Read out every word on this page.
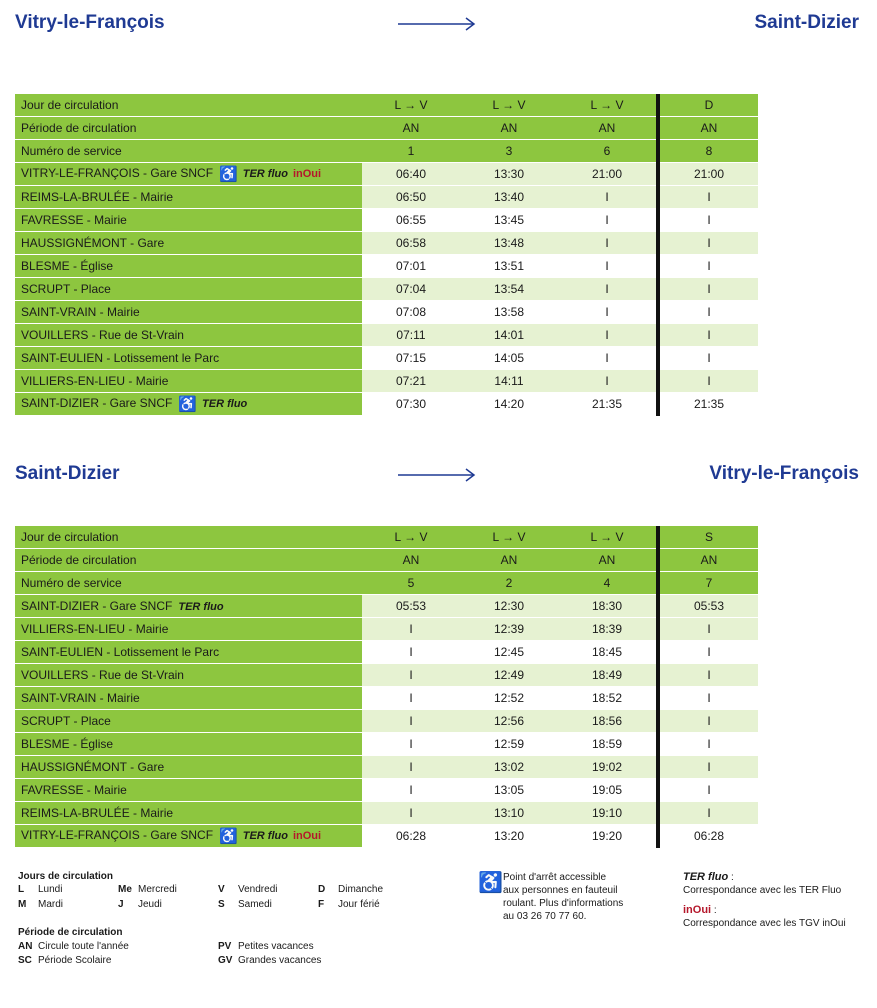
Vitry-le-François	Saint-Dizier
Jour de circulation	L → V	L → V	L → V	D
Période de circulation	AN	AN	AN	AN
Numéro de service	1	3	6	8
VITRY-LE-FRANÇOIS - Gare SNCF ♿ TER fluo inOui	06:40	13:30	21:00	21:00
REIMS-LA-BRULÉE - Mairie	06:50	13:40	I	I
FAVRESSE - Mairie	06:55	13:45	I	I
HAUSSIGNÉMONT - Gare	06:58	13:48	I	I
BLESME - Église	07:01	13:51	I	I
SCRUPT - Place	07:04	13:54	I	I
SAINT-VRAIN - Mairie	07:08	13:58	I	I
VOUILLERS - Rue de St-Vrain	07:11	14:01	I	I
SAINT-EULIEN - Lotissement le Parc	07:15	14:05	I	I
VILLIERS-EN-LIEU - Mairie	07:21	14:11	I	I
SAINT-DIZIER - Gare SNCF ♿ TER fluo	07:30	14:20	21:35	21:35
Saint-Dizier	Vitry-le-François
Jour de circulation	L → V	L → V	L → V	S
Période de circulation	AN	AN	AN	AN
Numéro de service	5	2	4	7
SAINT-DIZIER - Gare SNCF TER fluo	05:53	12:30	18:30	05:53
VILLIERS-EN-LIEU - Mairie	I	12:39	18:39	I
SAINT-EULIEN - Lotissement le Parc	I	12:45	18:45	I
VOUILLERS - Rue de St-Vrain	I	12:49	18:49	I
SAINT-VRAIN - Mairie	I	12:52	18:52	I
SCRUPT - Place	I	12:56	18:56	I
BLESME - Église	I	12:59	18:59	I
HAUSSIGNÉMONT - Gare	I	13:02	19:02	I
FAVRESSE - Mairie	I	13:05	19:05	I
REIMS-LA-BRULÉE - Mairie	I	13:10	19:10	I
VITRY-LE-FRANÇOIS - Gare SNCF ♿ TER fluo inOui	06:28	13:20	19:20	06:28
Jours de circulation
L Lundi
M Mardi
Me Mercredi
J Jeudi
V Vendredi
S Samedi
D Dimanche
F Jour férié
Période de circulation
AN Circule toute l'année
SC Période Scolaire
PV Petites vacances
GV Grandes vacances
♿ Point d'arrêt accessible
aux personnes en fauteuil
roulant. Plus d'informations
au 03 26 70 77 60.
TER fluo :
Correspondance avec les TER Fluo
inOui :
Correspondance avec les TGV inOui
